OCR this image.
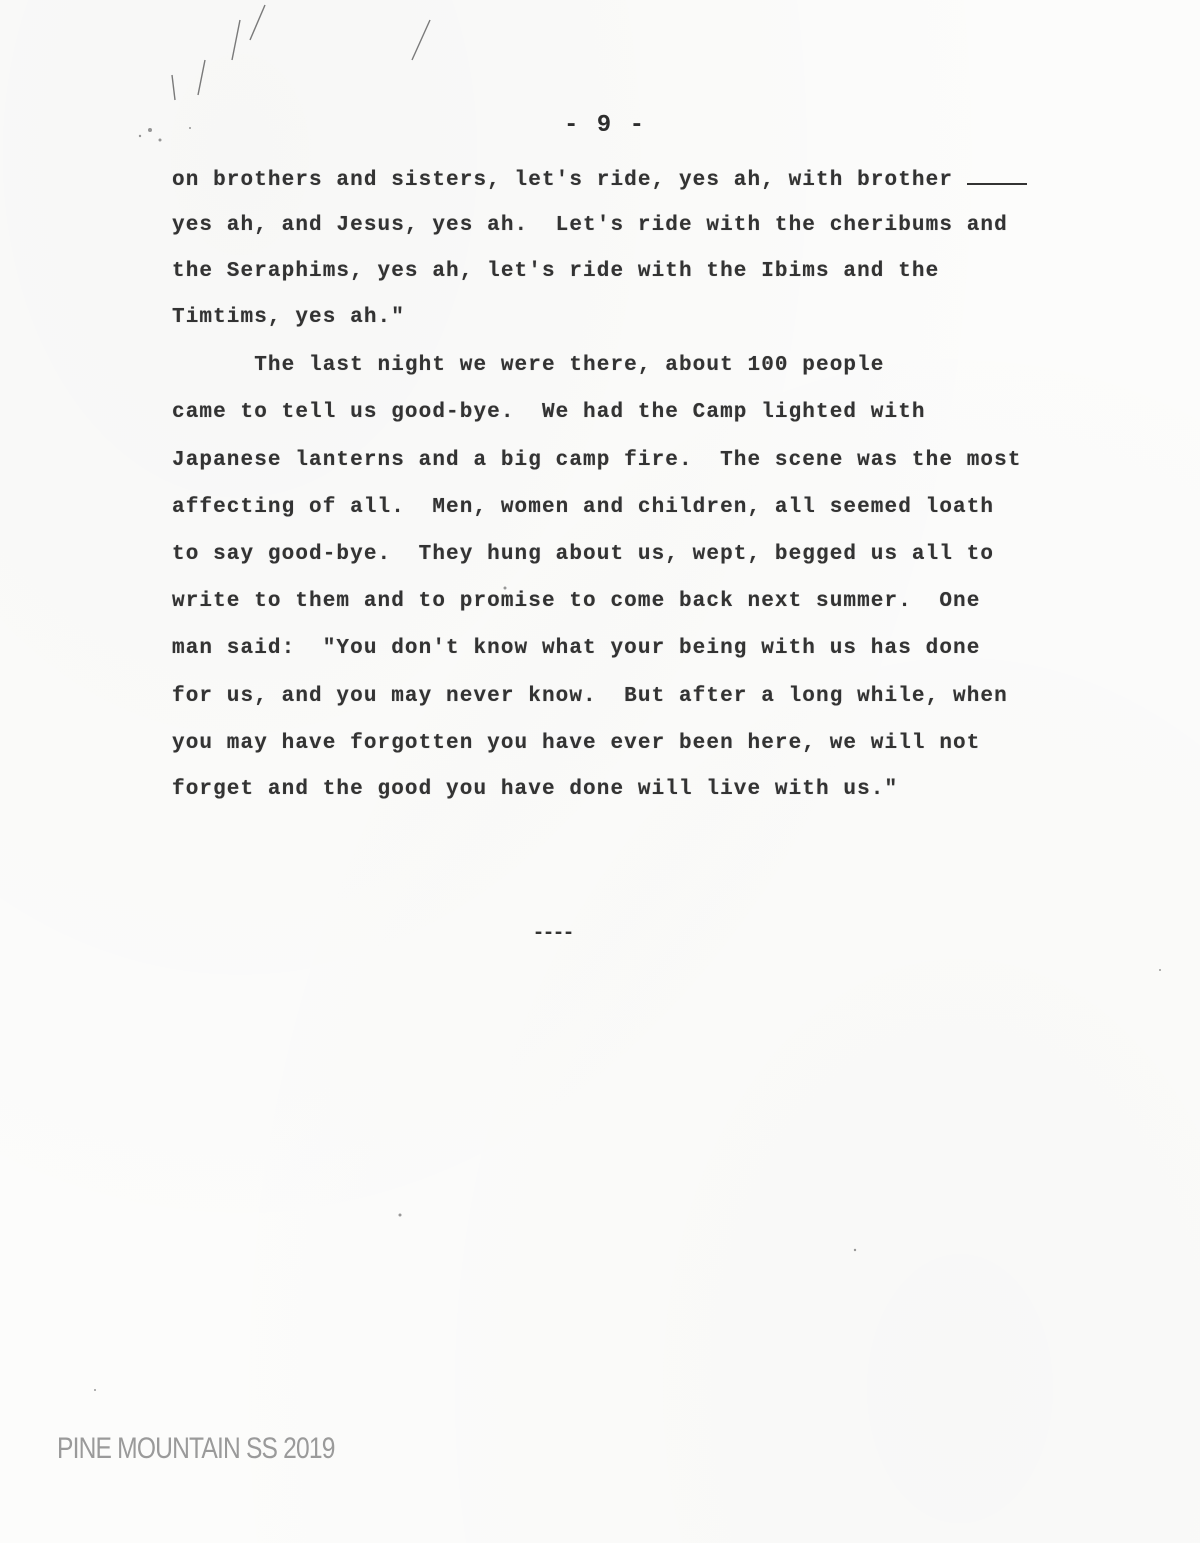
- 9 -
on brothers and sisters, let's ride, yes ah, with brother
yes ah, and Jesus, yes ah.  Let's ride with the cheribums and
the Seraphims, yes ah, let's ride with the Ibims and the
Timtims, yes ah."
The last night we were there, about 100 people
came to tell us good-bye.  We had the Camp lighted with
Japanese lanterns and a big camp fire.  The scene was the most
affecting of all.  Men, women and children, all seemed loath
to say good-bye.  They hung about us, wept, begged us all to
write to them and to promise to come back next summer.  One
man said:  "You don't know what your being with us has done
for us, and you may never know.  But after a long while, when
you may have forgotten you have ever been here, we will not
forget and the good you have done will live with us."
----
PINE MOUNTAIN SS 2019
